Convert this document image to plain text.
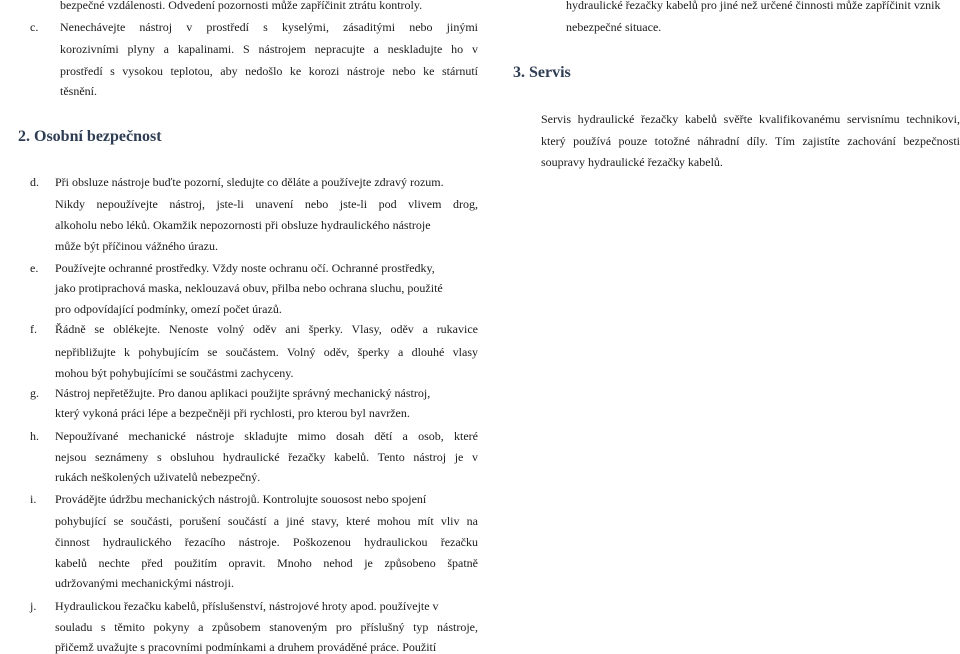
bezpečné vzdálenosti. Odvedení pozornosti může zapříčinit ztrátu kontroly.
c. Nenechávejte nástroj v prostředí s kyselými, zásaditými nebo jinými
korozivními plyny a kapalinami. S nástrojem nepracujte a neskladujte ho v
prostředí s vysokou teplotou, aby nedošlo ke korozi nástroje nebo ke stárnutí
těsnění.
2. Osobní bezpečnost
d. Při obsluze nástroje buďte pozorní, sledujte co děláte a používejte zdravý rozum.
Nikdy nepoužívejte nástroj, jste-li unavení nebo jste-li pod vlivem drog,
alkoholu nebo léků. Okamžik nepozornosti při obsluze hydraulického nástroje
může být příčinou vážného úrazu.
e. Používejte ochranné prostředky. Vždy noste ochranu očí. Ochranné prostředky,
jako protiprachová maska, neklouzavá obuv, přilba nebo ochrana sluchu, použité
pro odpovídající podmínky, omezí počet úrazů.
f. Řádně se oblékejte. Nenoste volný oděv ani šperky. Vlasy, oděv a rukavice
nepřibližujte k pohybujícím se součástem. Volný oděv, šperky a dlouhé vlasy
mohou být pohybujícími se součástmi zachyceny.
g. Nástroj nepřetěžujte. Pro danou aplikaci použijte správný mechanický nástroj,
který vykoná práci lépe a bezpečněji při rychlosti, pro kterou byl navržen.
h. Nepoužívané mechanické nástroje skladujte mimo dosah dětí a osob, které
nejsou seznámeny s obsluhou hydraulické řezačky kabelů. Tento nástroj je v
rukách neškolených uživatelů nebezpečný.
i. Provádějte údržbu mechanických nástrojů. Kontrolujte souosost nebo spojení
pohybující se součásti, porušení součástí a jiné stavy, které mohou mít vliv na
činnost hydraulického řezacího nástroje. Poškozenou hydraulickou řezačku
kabelů nechte před použitím opravit. Mnoho nehod je způsobeno špatně
udržovanými mechanickými nástroji.
j. Hydraulickou řezačku kabelů, příslušenství, nástrojové hroty apod. používejte v
souladu s těmito pokyny a způsobem stanoveným pro příslušný typ nástroje,
přičemž uvažujte s pracovními podmínkami a druhem prováděné práce. Použití
hydraulické řezačky kabelů pro jiné než určené činnosti může zapříčinit vznik
nebezpečné situace.
3. Servis
Servis hydraulické řezačky kabelů svěřte kvalifikovanému servisnímu technikovi,
který používá pouze totožné náhradní díly. Tím zajistíte zachování bezpečnosti
soupravy hydraulické řezačky kabelů.
